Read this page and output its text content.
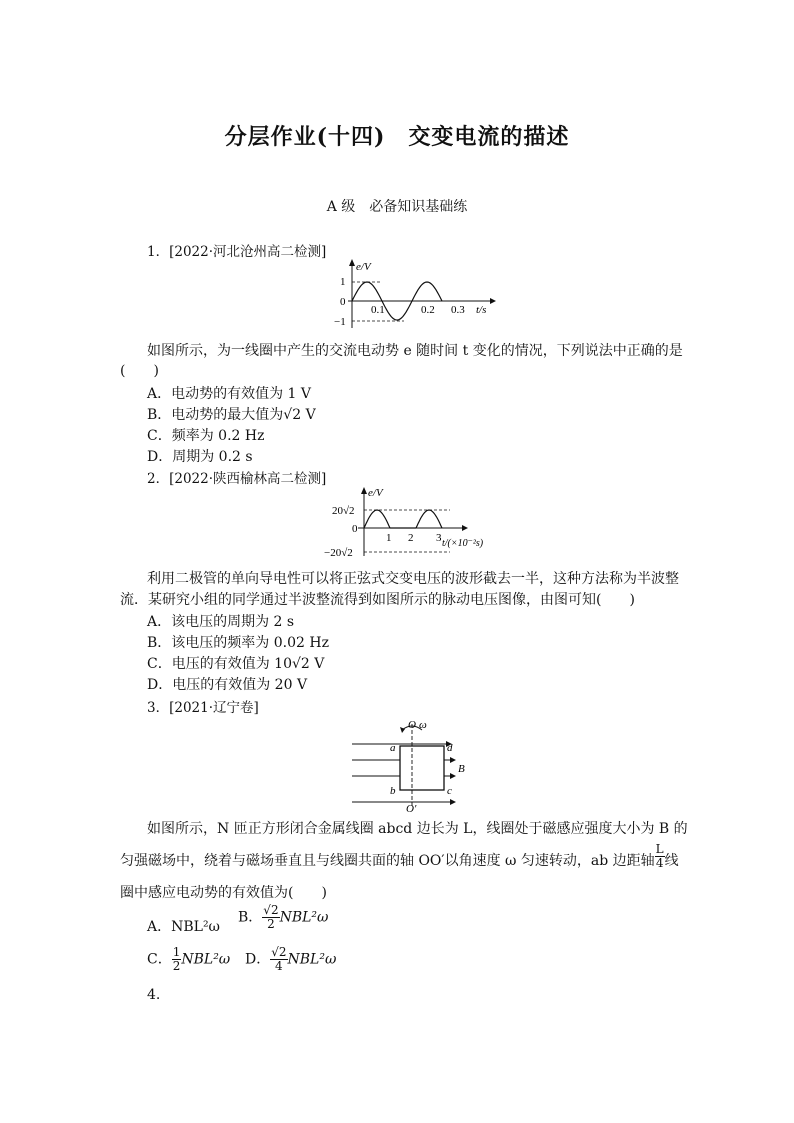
分层作业(十四)　交变电流的描述
A 级　必备知识基础练
1．[2022·河北沧州高二检测]
e/V
1
0
−1
0.1	0.2 0.3 t/s
如图所示，为一线圈中产生的交流电动势 e 随时间 t 变化的情况，下列说法中正确的是
(　　)
A．电动势的有效值为 1 V
B．电动势的最大值为√2 V
C．频率为 0.2 Hz
D．周期为 0.2 s
2．[2022·陕西榆林高二检测]
e/V
20√2
0
−20√2
1 2 3 t/(×10⁻²s)
利用二极管的单向导电性可以将正弦式交变电压的波形截去一半，这种方法称为半波整
流．某研究小组的同学通过半波整流得到如图所示的脉动电压图像，由图可知(　　)
A．该电压的周期为 2 s
B．该电压的频率为 0.02 Hz
C．电压的有效值为 10√2 V
D．电压的有效值为 20 V
3．[2021·辽宁卷]
O ω
O′
a	d
b	c
B
如图所示，N 匝正方形闭合金属线圈 abcd 边长为 L，线圈处于磁感应强度大小为 B 的
匀强磁场中，绕着与磁场垂直且与线圈共面的轴 OO′以角速度 ω 匀速转动，ab 边距轴 $\frac{L}{4}$ 线
圈中感应电动势的有效值为(　　)
A．NBL²ω
B． $\frac{√2}{2} NBL^2\omega$
C． $\frac{1}{2} NBL^2\omega$ D． $\frac{√2}{4} NBL^2\omega$
4.
